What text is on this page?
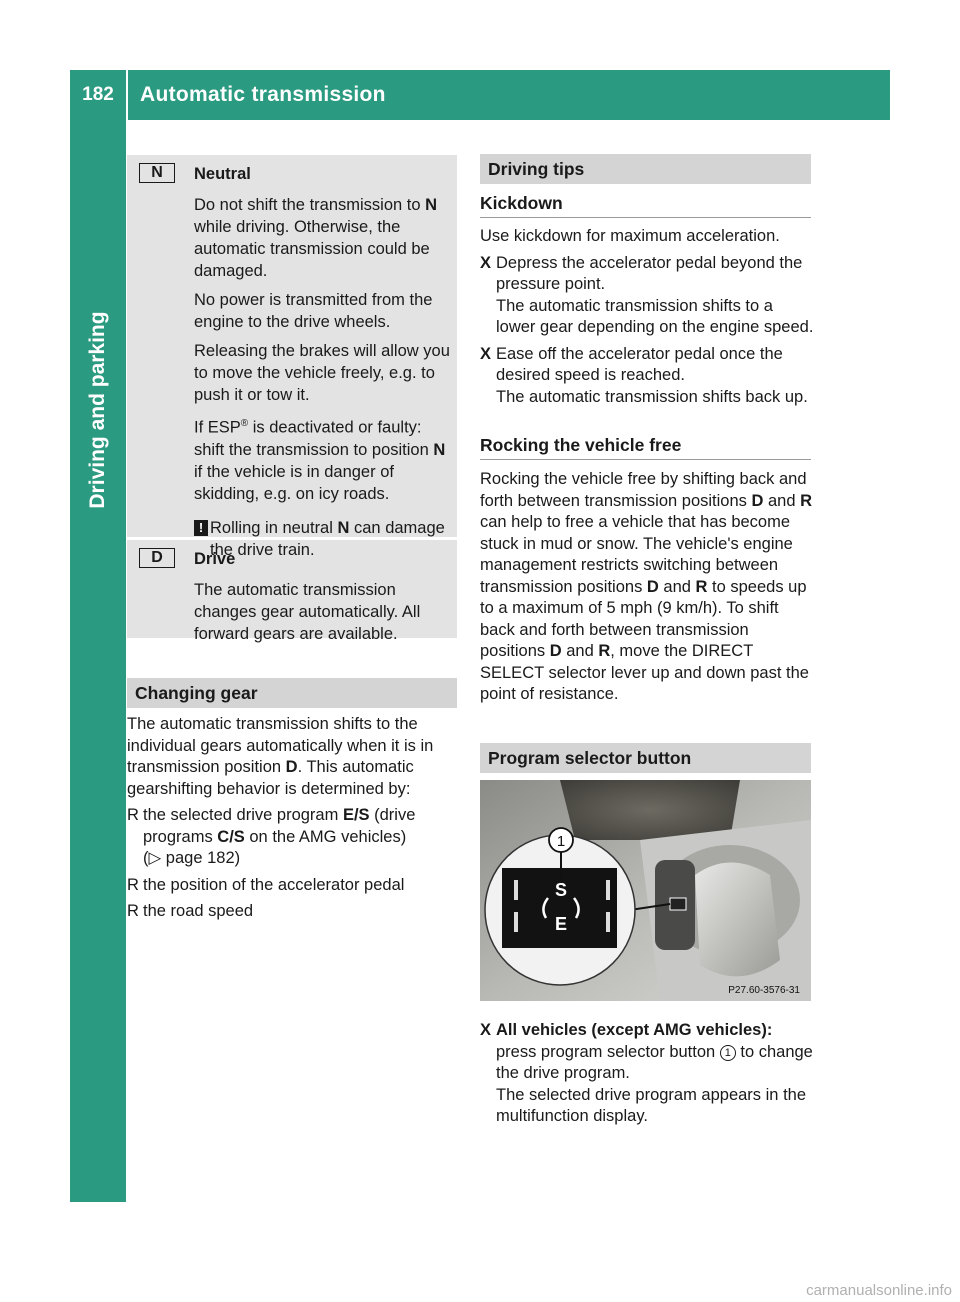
182	Automatic transmission
Driving and parking
N	Neutral

Do not shift the transmission to N while driving. Otherwise, the automatic transmission could be damaged.

No power is transmitted from the engine to the drive wheels.

Releasing the brakes will allow you to move the vehicle freely, e.g. to push it or tow it.

If ESP® is deactivated or faulty: shift the transmission to position N if the vehicle is in danger of skidding, e.g. on icy roads.

! Rolling in neutral N can damage the drive train.
D	Drive

The automatic transmission changes gear automatically. All forward gears are available.

Changing gear

The automatic transmission shifts to the individual gears automatically when it is in transmission position D. This automatic gearshifting behavior is determined by:

R the selected drive program E/S (drive programs C/S on the AMG vehicles)
(▷ page 182)
R the position of the accelerator pedal
R the road speed
Driving tips
Kickdown

Use kickdown for maximum acceleration.

X Depress the accelerator pedal beyond the pressure point.
The automatic transmission shifts to a lower gear depending on the engine speed.
X Ease off the accelerator pedal once the desired speed is reached.
The automatic transmission shifts back up.
Rocking the vehicle free

Rocking the vehicle free by shifting back and forth between transmission positions D and R can help to free a vehicle that has become stuck in mud or snow. The vehicle's engine management restricts switching between transmission positions D and R to speeds up to a maximum of 5 mph (9 km/h). To shift back and forth between transmission positions D and R, move the DIRECT SELECT selector lever up and down past the point of resistance.

Program selector button
S
E
1
P27.60-3576-31
X All vehicles (except AMG vehicles):
press program selector button 1 to change the drive program.
The selected drive program appears in the multifunction display.
carmanualsonline.info
